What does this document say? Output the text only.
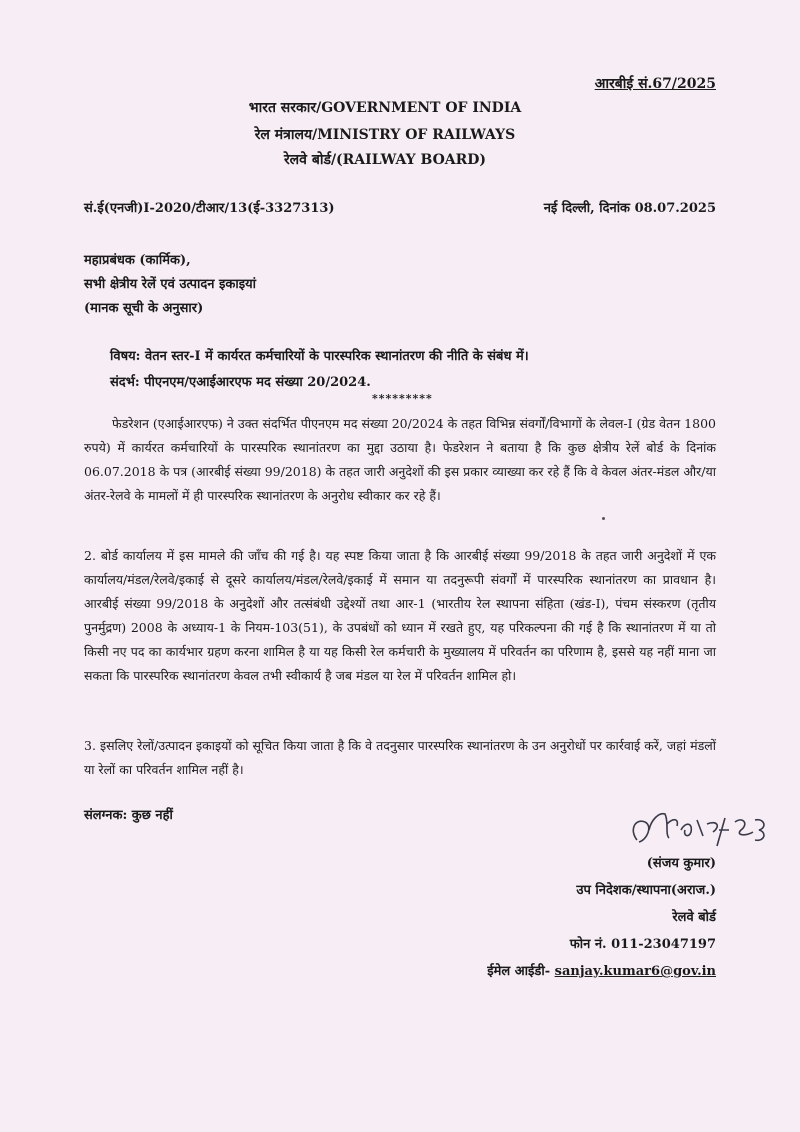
आरबीई सं.67/2025
भारत सरकार/GOVERNMENT OF INDIA
रेल मंत्रालय/MINISTRY OF RAILWAYS
रेलवे बोर्ड/(RAILWAY BOARD)
सं.ई(एनजी)I-2020/टीआर/13(ई-3327313)	नई दिल्ली, दिनांक 08.07.2025
महाप्रबंधक (कार्मिक),
सभी क्षेत्रीय रेलें एवं उत्पादन इकाइयां
(मानक सूची के अनुसार)
विषय: वेतन स्तर-I में कार्यरत कर्मचारियों के पारस्परिक स्थानांतरण की नीति के संबंध में।
संदर्भ: पीएनएम/एआईआरएफ मद संख्या 20/2024.
*********
फेडरेशन (एआईआरएफ) ने उक्त संदर्भित पीएनएम मद संख्या 20/2024 के तहत विभिन्न संवर्गों/विभागों के लेवल-I (ग्रेड वेतन 1800 रुपये) में कार्यरत कर्मचारियों के पारस्परिक स्थानांतरण का मुद्दा उठाया है। फेडरेशन ने बताया है कि कुछ क्षेत्रीय रेलें बोर्ड के दिनांक 06.07.2018 के पत्र (आरबीई संख्या 99/2018) के तहत जारी अनुदेशों की इस प्रकार व्याख्या कर रहे हैं कि वे केवल अंतर-मंडल और/या अंतर-रेलवे के मामलों में ही पारस्परिक स्थानांतरण के अनुरोध स्वीकार कर रहे हैं।
2. बोर्ड कार्यालय में इस मामले की जाँच की गई है। यह स्पष्ट किया जाता है कि आरबीई संख्या 99/2018 के तहत जारी अनुदेशों में एक कार्यालय/मंडल/रेलवे/इकाई से दूसरे कार्यालय/मंडल/रेलवे/इकाई में समान या तदनुरूपी संवर्गों में पारस्परिक स्थानांतरण का प्रावधान है। आरबीई संख्या 99/2018 के अनुदेशों और तत्संबंधी उद्देश्यों तथा आर-1 (भारतीय रेल स्थापना संहिता (खंड-I), पंचम संस्करण (तृतीय पुनर्मुद्रण) 2008 के अध्याय-1 के नियम-103(51), के उपबंधों को ध्यान में रखते हुए, यह परिकल्पना की गई है कि स्थानांतरण में या तो किसी नए पद का कार्यभार ग्रहण करना शामिल है या यह किसी रेल कर्मचारी के मुख्यालय में परिवर्तन का परिणाम है, इससे यह नहीं माना जा सकता कि पारस्परिक स्थानांतरण केवल तभी स्वीकार्य है जब मंडल या रेल में परिवर्तन शामिल हो।
3. इसलिए रेलों/उत्पादन इकाइयों को सूचित किया जाता है कि वे तदनुसार पारस्परिक स्थानांतरण के उन अनुरोधों पर कार्रवाई करें, जहां मंडलों या रेलों का परिवर्तन शामिल नहीं है।
संलग्नक: कुछ नहीं
(संजय कुमार)
उप निदेशक/स्थापना(अराज.)
रेलवे बोर्ड
फोन नं. 011-23047197
ईमेल आईडी- sanjay.kumar6@gov.in
